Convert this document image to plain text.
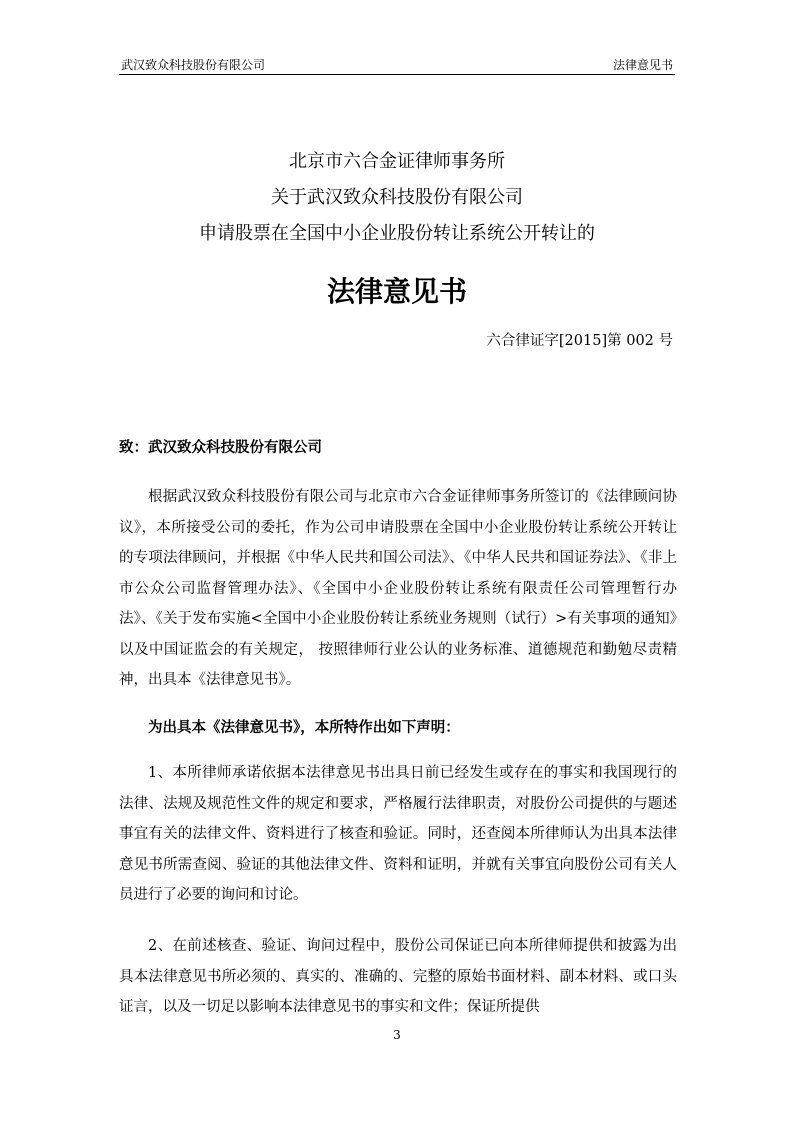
武汉致众科技股份有限公司	法律意见书
北京市六合金证律师事务所
关于武汉致众科技股份有限公司
申请股票在全国中小企业股份转让系统公开转让的
法律意见书
六合律证字[2015]第 002 号
致：武汉致众科技股份有限公司
根据武汉致众科技股份有限公司与北京市六合金证律师事务所签订的《法律顾问协议》，本所接受公司的委托，作为公司申请股票在全国中小企业股份转让系统公开转让的专项法律顾问，并根据《中华人民共和国公司法》、《中华人民共和国证券法》、《非上市公众公司监督管理办法》、《全国中小企业股份转让系统有限责任公司管理暂行办法》、《关于发布实施<全国中小企业股份转让系统业务规则（试行）>有关事项的通知》以及中国证监会的有关规定， 按照律师行业公认的业务标准、道德规范和勤勉尽责精神，出具本《法律意见书》。
为出具本《法律意见书》，本所特作出如下声明：
1、本所律师承诺依据本法律意见书出具日前已经发生或存在的事实和我国现行的法律、法规及规范性文件的规定和要求，严格履行法律职责，对股份公司提供的与题述事宜有关的法律文件、资料进行了核查和验证。同时，还查阅本所律师认为出具本法律意见书所需查阅、验证的其他法律文件、资料和证明，并就有关事宜向股份公司有关人员进行了必要的询问和讨论。
2、在前述核查、验证、询问过程中，股份公司保证已向本所律师提供和披露为出具本法律意见书所必须的、真实的、准确的、完整的原始书面材料、副本材料、或口头证言，以及一切足以影响本法律意见书的事实和文件；保证所提供
3
